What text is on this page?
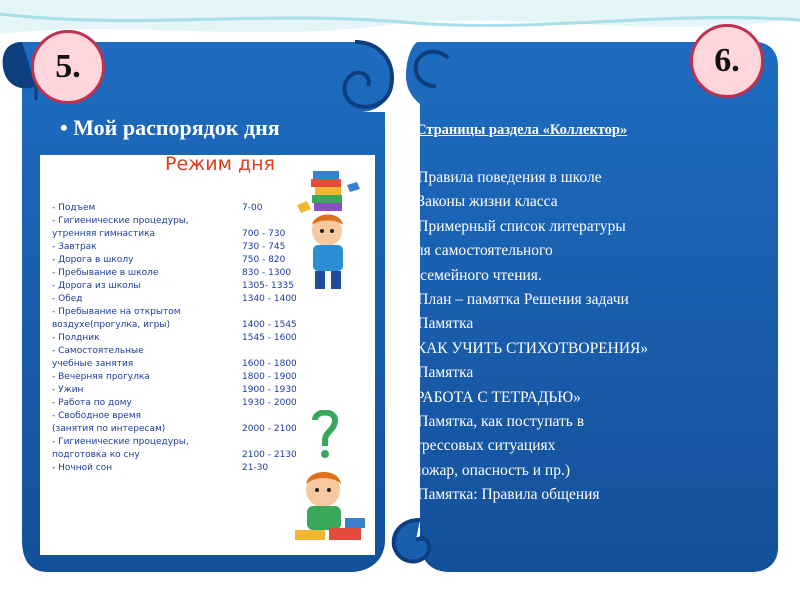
5.	6.
• Мой распорядок дня
Режим дня
- Подъем	7-00
- Гигиенические процедуры,
утренняя гимнастика	700 - 730
- Завтрак	730 - 745
- Дорога в школу	750 - 820
- Пребывание в школе	830 - 1300
- Дорога из школы	1305- 1335
- Обед	1340 - 1400
- Пребывание на открытом
воздухе(прогулка, игры)	1400 - 1545
- Полдник	1545 - 1600
- Самостоятельные
учебные занятия	1600 - 1800
- Вечерняя прогулка	1800 - 1900
- Ужин	1900 - 1930
- Работа по дому	1930 - 2000
- Свободное время
(занятия по интересам)	2000 - 2100
- Гигиенические процедуры,
подготовка ко сну	2100 - 2130
- Ночной сон	21-30
Страницы раздела «Коллектор»
• Правила поведения в школе
• Законы жизни класса
• Примерный список литературы
для самостоятельного
и семейного чтения.
• План – памятка Решения задачи
• Памятка
«КАК УЧИТЬ СТИХОТВОРЕНИЯ»
• Памятка
«РАБОТА С ТЕТРАДЬЮ»
• Памятка, как поступать в
стрессовых ситуациях
(пожар, опасность и пр.)
• Памятка: Правила общения
